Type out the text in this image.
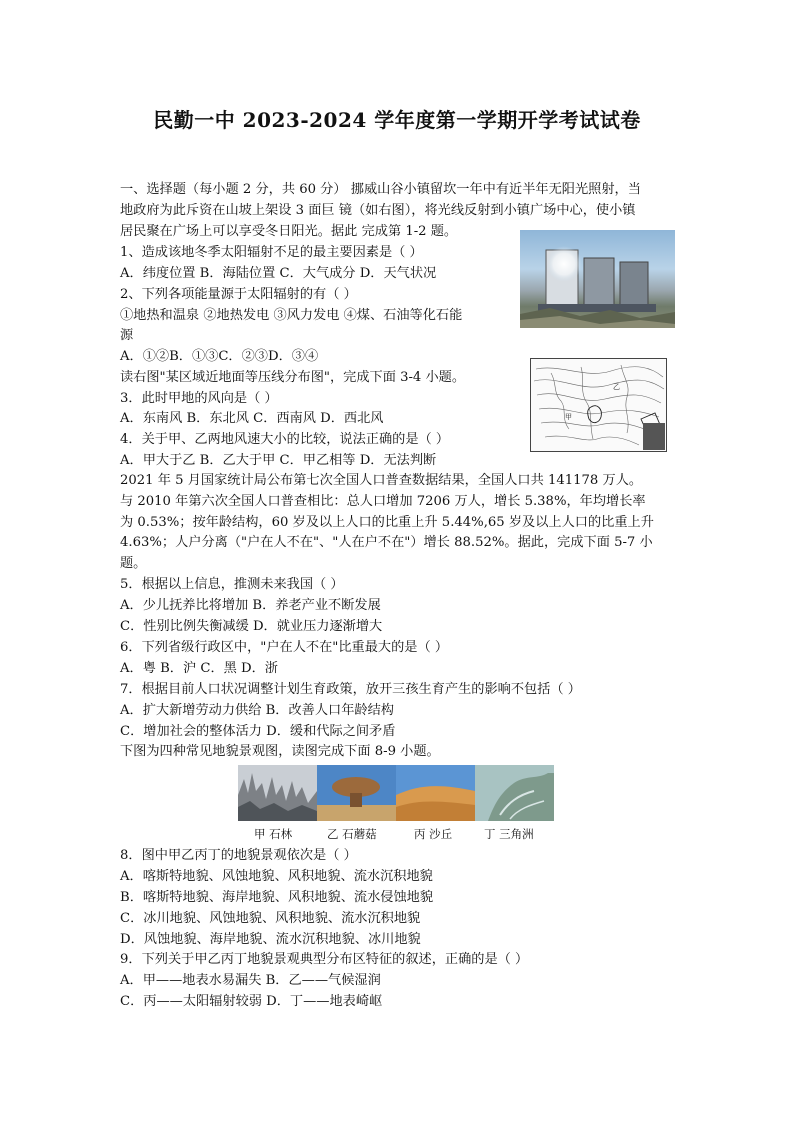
民勤一中 2023-2024 学年度第一学期开学考试试卷
一、选择题（每小题 2 分，共 60 分） 挪威山谷小镇留坎一年中有近半年无阳光照射，当
地政府为此斥资在山坡上架设 3 面巨 镜（如右图），将光线反射到小镇广场中心，使小镇
居民聚在广场上可以享受冬日阳光。据此 完成第 1-2 题。
1、造成该地冬季太阳辐射不足的最主要因素是（ ）
A．纬度位置 B．海陆位置 C．大气成分 D．天气状况
2、下列各项能量源于太阳辐射的有（ ）
①地热和温泉 ②地热发电 ③风力发电 ④煤、石油等化石能
源
A．①②B．①③C．②③D．③④
读右图"某区域近地面等压线分布图"，完成下面 3-4 小题。
3．此时甲地的风向是（ ）
A．东南风 B．东北风 C．西南风 D．西北风
4．关于甲、乙两地风速大小的比较，说法正确的是（ ）
A．甲大于乙 B．乙大于甲 C．甲乙相等 D．无法判断
2021 年 5 月国家统计局公布第七次全国人口普查数据结果，全国人口共 141178 万人。
与 2010 年第六次全国人口普查相比：总人口增加 7206 万人，增长 5.38%，年均增长率
为 0.53%；按年龄结构，60 岁及以上人口的比重上升 5.44%,65 岁及以上人口的比重上升
4.63%；人户分离（"户在人不在"、"人在户不在"）增长 88.52%。据此，完成下面 5-7 小
题。
5．根据以上信息，推测未来我国（ ）
A．少儿抚养比将增加 B．养老产业不断发展
C．性别比例失衡减缓 D．就业压力逐渐增大
6．下列省级行政区中，"户在人不在"比重最大的是（ ）
A．粤 B．沪 C．黑 D．浙
7．根据目前人口状况调整计划生育政策，放开三孩生育产生的影响不包括（ ）
A．扩大新增劳动力供给 B．改善人口年龄结构
C．增加社会的整体活力 D．缓和代际之间矛盾
下图为四种常见地貌景观图，读图完成下面 8-9 小题。
8．图中甲乙丙丁的地貌景观依次是（ ）
A．喀斯特地貌、风蚀地貌、风积地貌、流水沉积地貌
B．喀斯特地貌、海岸地貌、风积地貌、流水侵蚀地貌
C．冰川地貌、风蚀地貌、风积地貌、流水沉积地貌
D．风蚀地貌、海岸地貌、流水沉积地貌、冰川地貌
9．下列关于甲乙丙丁地貌景观典型分布区特征的叙述，正确的是（ ）
A．甲——地表水易漏失 B．乙——气候湿润
C．丙——太阳辐射较弱 D．丁——地表崎岖
甲
乙
甲 石林	乙 石蘑菇	丙 沙丘	丁 三角洲
